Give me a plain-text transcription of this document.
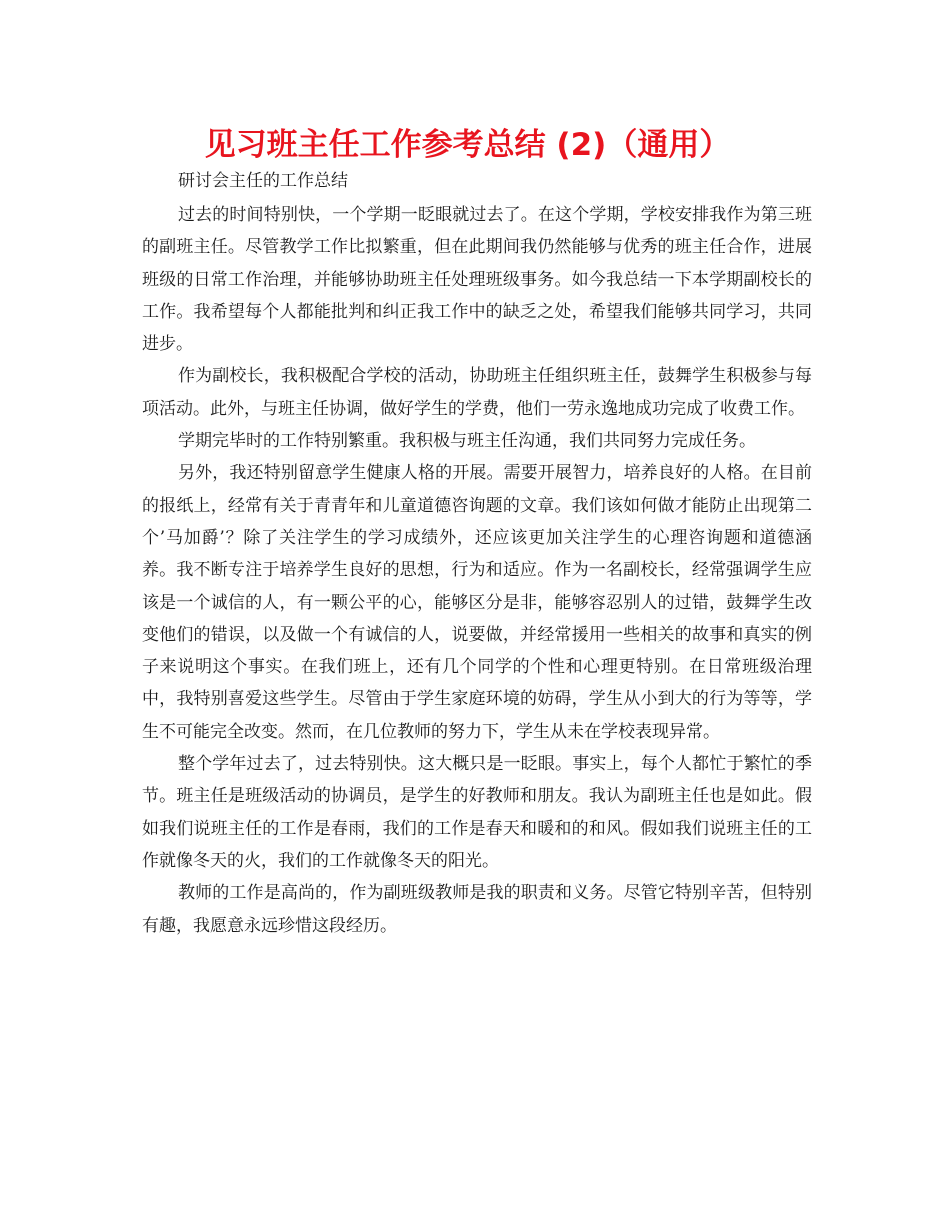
见习班主任工作参考总结 (2)（通用）

研讨会主任的工作总结

过去的时间特别快，一个学期一眨眼就过去了。在这个学期，学校安排我作为第三班的副班主任。尽管教学工作比拟繁重，但在此期间我仍然能够与优秀的班主任合作，进展班级的日常工作治理，并能够协助班主任处理班级事务。如今我总结一下本学期副校长的工作。我希望每个人都能批判和纠正我工作中的缺乏之处，希望我们能够共同学习，共同进步。

作为副校长，我积极配合学校的活动，协助班主任组织班主任，鼓舞学生积极参与每项活动。此外，与班主任协调，做好学生的学费，他们一劳永逸地成功完成了收费工作。

学期完毕时的工作特别繁重。我积极与班主任沟通，我们共同努力完成任务。

另外，我还特别留意学生健康人格的开展。需要开展智力，培养良好的人格。在目前的报纸上，经常有关于青青年和儿童道德咨询题的文章。我们该如何做才能防止出现第二个’马加爵’？除了关注学生的学习成绩外，还应该更加关注学生的心理咨询题和道德涵养。我不断专注于培养学生良好的思想，行为和适应。作为一名副校长，经常强调学生应该是一个诚信的人，有一颗公平的心，能够区分是非，能够容忍别人的过错，鼓舞学生改变他们的错误，以及做一个有诚信的人，说要做，并经常援用一些相关的故事和真实的例子来说明这个事实。在我们班上，还有几个同学的个性和心理更特别。在日常班级治理中，我特别喜爱这些学生。尽管由于学生家庭环境的妨碍，学生从小到大的行为等等，学生不可能完全改变。然而，在几位教师的努力下，学生从未在学校表现异常。

整个学年过去了，过去特别快。这大概只是一眨眼。事实上，每个人都忙于繁忙的季节。班主任是班级活动的协调员，是学生的好教师和朋友。我认为副班主任也是如此。假如我们说班主任的工作是春雨，我们的工作是春天和暖和的和风。假如我们说班主任的工作就像冬天的火，我们的工作就像冬天的阳光。

教师的工作是高尚的，作为副班级教师是我的职责和义务。尽管它特别辛苦，但特别有趣，我愿意永远珍惜这段经历。
